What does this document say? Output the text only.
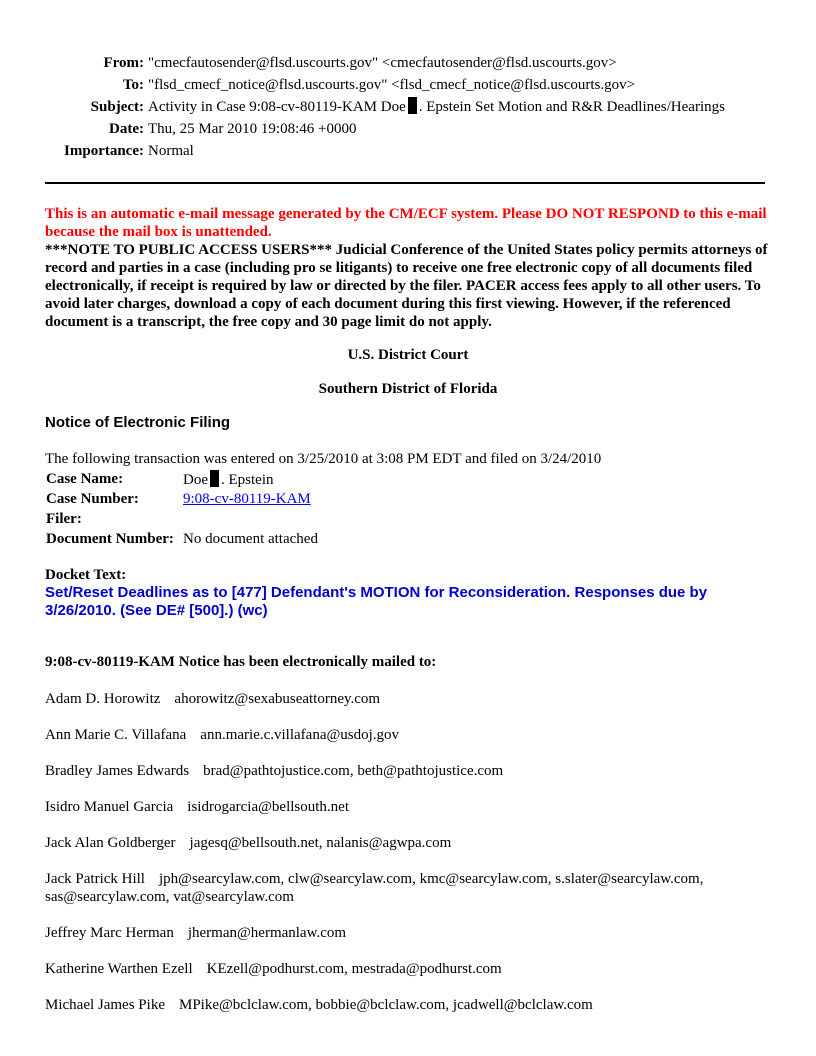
From: "cmecfautosender@flsd.uscourts.gov" <cmecfautosender@flsd.uscourts.gov>
To: "flsd_cmecf_notice@flsd.uscourts.gov" <flsd_cmecf_notice@flsd.uscourts.gov>
Subject: Activity in Case 9:08-cv-80119-KAM Doe . Epstein Set Motion and R&R Deadlines/Hearings
Date: Thu, 25 Mar 2010 19:08:46 +0000
Importance: Normal
This is an automatic e-mail message generated by the CM/ECF system. Please DO NOT RESPOND to this e-mail because the mail box is unattended.
***NOTE TO PUBLIC ACCESS USERS*** Judicial Conference of the United States policy permits attorneys of record and parties in a case (including pro se litigants) to receive one free electronic copy of all documents filed electronically, if receipt is required by law or directed by the filer. PACER access fees apply to all other users. To avoid later charges, download a copy of each document during this first viewing. However, if the referenced document is a transcript, the free copy and 30 page limit do not apply.
U.S. District Court
Southern District of Florida
Notice of Electronic Filing
The following transaction was entered on 3/25/2010 at 3:08 PM EDT and filed on 3/24/2010
Case Name:	Doe . Epstein
Case Number:	9:08-cv-80119-KAM
Filer:	
Document Number:	No document attached
Docket Text:
Set/Reset Deadlines as to [477] Defendant's MOTION for Reconsideration. Responses due by 3/26/2010. (See DE# [500].) (wc)
9:08-cv-80119-KAM Notice has been electronically mailed to:
Adam D. Horowitz ahorowitz@sexabuseattorney.com
Ann Marie C. Villafana ann.marie.c.villafana@usdoj.gov
Bradley James Edwards brad@pathtojustice.com, beth@pathtojustice.com
Isidro Manuel Garcia isidrogarcia@bellsouth.net
Jack Alan Goldberger jagesq@bellsouth.net, nalanis@agwpa.com
Jack Patrick Hill jph@searcylaw.com, clw@searcylaw.com, kmc@searcylaw.com, s.slater@searcylaw.com, sas@searcylaw.com, vat@searcylaw.com
Jeffrey Marc Herman jherman@hermanlaw.com
Katherine Warthen Ezell KEzell@podhurst.com, mestrada@podhurst.com
Michael James Pike MPike@bclclaw.com, bobbie@bclclaw.com, jcadwell@bclclaw.com
